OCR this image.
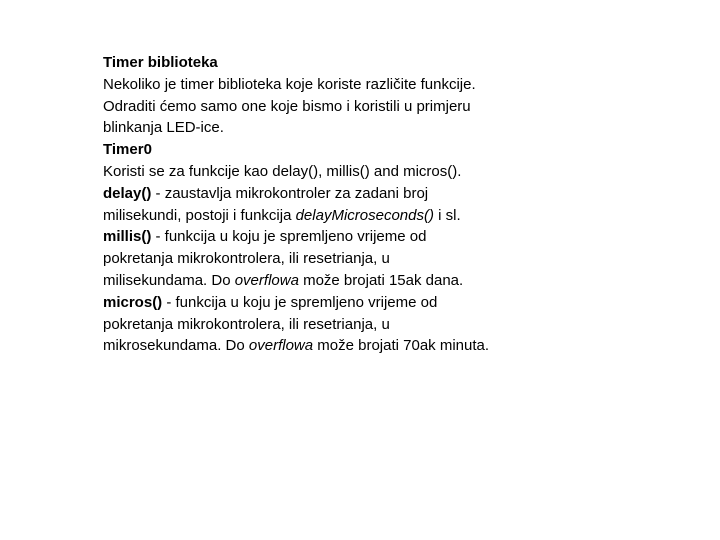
Timer biblioteka
Nekoliko je timer biblioteka koje koriste različite funkcije.
Odraditi ćemo samo one koje bismo i koristili u primjeru
blinkanja LED-ice.
Timer0
Koristi se za funkcije kao delay(), millis() and micros().
delay() - zaustavlja mikrokontroler za zadani broj
milisekundi, postoji i funkcija delayMicroseconds() i sl.
millis() - funkcija u koju je spremljeno vrijeme od
pokretanja mikrokontrolera, ili resetrianja, u
milisekundama. Do overflowa može brojati 15ak dana.
micros() - funkcija u koju je spremljeno vrijeme od
pokretanja mikrokontrolera, ili resetrianja, u
mikrosekundama. Do overflowa može brojati 70ak minuta.
